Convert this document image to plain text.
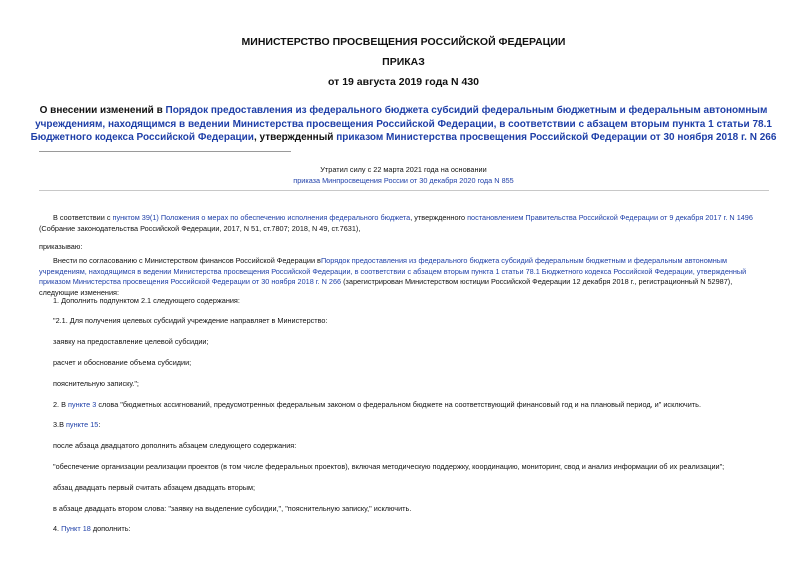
МИНИСТЕРСТВО ПРОСВЕЩЕНИЯ РОССИЙСКОЙ ФЕДЕРАЦИИ
ПРИКАЗ
от 19 августа 2019 года N 430
О внесении изменений в Порядок предоставления из федерального бюджета субсидий федеральным бюджетным и федеральным автономным учреждениям, находящимся в ведении Министерства просвещения Российской Федерации, в соответствии с абзацем вторым пункта 1 статьи 78.1 Бюджетного кодекса Российской Федерации, утвержденный приказом Министерства просвещения Российской Федерации от 30 ноября 2018 г. N 266
Утратил силу с 22 марта 2021 года на основании
приказа Минпросвещения России от 30 декабря 2020 года N 855
В соответствии с пунктом 39(1) Положения о мерах по обеспечению исполнения федерального бюджета, утвержденного постановлением Правительства Российской Федерации от 9 декабря 2017 г. N 1496 (Собрание законодательства Российской Федерации, 2017, N 51, ст.7807; 2018, N 49, ст.7631),
приказываю:
Внести по согласованию с Министерством финансов Российской Федерации вПорядок предоставления из федерального бюджета субсидий федеральным бюджетным и федеральным автономным учреждениям, находящимся в ведении Министерства просвещения Российской Федерации, в соответствии с абзацем вторым пункта 1 статьи 78.1 Бюджетного кодекса Российской Федерации, утвержденный приказом Министерства просвещения Российской Федерации от 30 ноября 2018 г. N 266 (зарегистрирован Министерством юстиции Российской Федерации 12 декабря 2018 г., регистрационный N 52987), следующие изменения:
1. Дополнить подпунктом 2.1 следующего содержания:
"2.1. Для получения целевых субсидий учреждение направляет в Министерство:
заявку на предоставление целевой субсидии;
расчет и обоснование объема субсидии;
пояснительную записку.";
2. В пункте 3 слова "бюджетных ассигнований, предусмотренных федеральным законом о федеральном бюджете на соответствующий финансовый год и на плановый период, и" исключить.
3.В пункте 15:
после абзаца двадцатого дополнить абзацем следующего содержания:
"обеспечение организации реализации проектов (в том числе федеральных проектов), включая методическую поддержку, координацию, мониторинг, свод и анализ информации об их реализации";
абзац двадцать первый считать абзацем двадцать вторым;
в абзаце двадцать втором слова: "заявку на выделение субсидии,", "пояснительную записку," исключить.
4. Пункт 18 дополнить:
